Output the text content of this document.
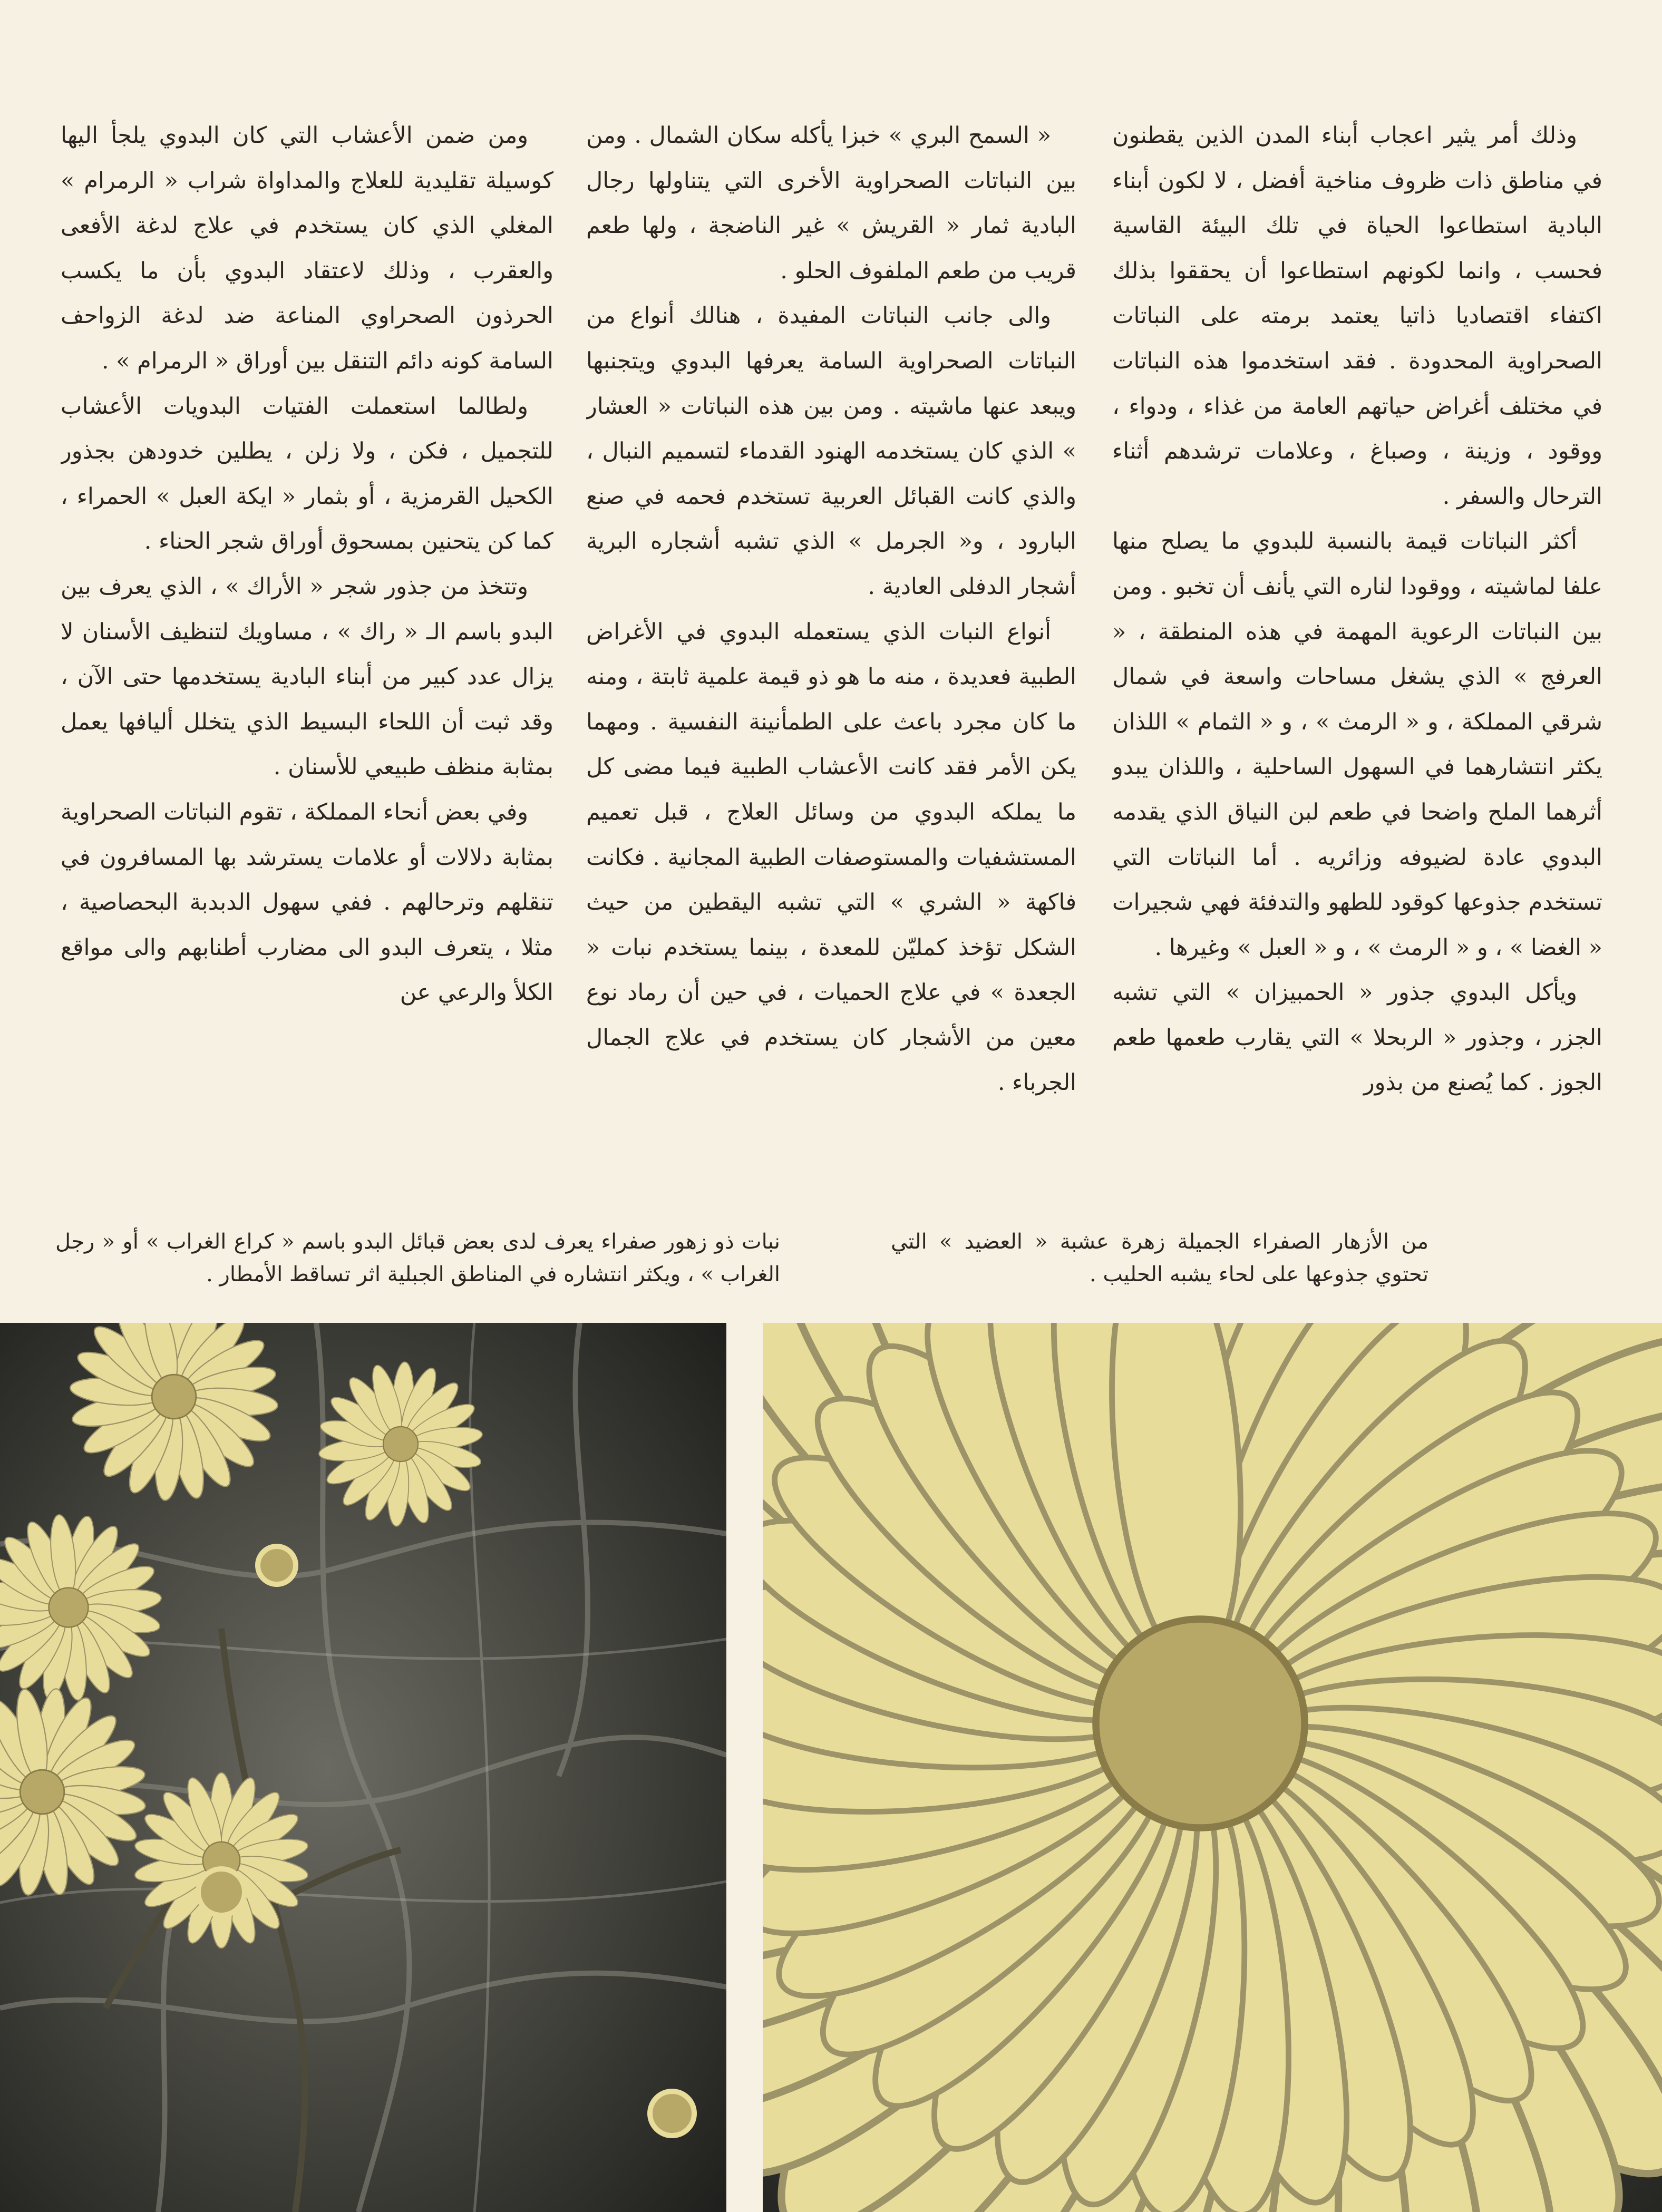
وذلك أمر يثير اعجاب أبناء المدن الذين يقطنون في مناطق ذات ظروف مناخية أفضل ، لا لكون أبناء البادية استطاعوا الحياة في تلك البيئة القاسية فحسب ، وانما لكونهم استطاعوا أن يحققوا بذلك اكتفاء اقتصاديا ذاتيا يعتمد برمته على النباتات الصحراوية المحدودة . فقد استخدموا هذه النباتات في مختلف أغراض حياتهم العامة من غذاء ، ودواء ، ووقود ، وزينة ، وصباغ ، وعلامات ترشدهم أثناء الترحال والسفر .

أكثر النباتات قيمة بالنسبة للبدوي ما يصلح منها علفا لماشيته ، ووقودا لناره التي يأنف أن تخبو . ومن بين النباتات الرعوية المهمة في هذه المنطقة ، « العرفج » الذي يشغل مساحات واسعة في شمال شرقي المملكة ، و « الرمث » ، و « الثمام » اللذان يكثر انتشارهما في السهول الساحلية ، واللذان يبدو أثرهما الملح واضحا في طعم لبن النياق الذي يقدمه البدوي عادة لضيوفه وزائريه . أما النباتات التي تستخدم جذوعها كوقود للطهو والتدفئة فهي شجيرات « الغضا » ، و « الرمث » ، و « العبل » وغيرها .

ويأكل البدوي جذور « الحمبيزان » التي تشبه الجزر ، وجذور « الربحلا » التي يقارب طعمها طعم الجوز . كما يُصنع من بذور

« السمح البري » خبزا يأكله سكان الشمال . ومن بين النباتات الصحراوية الأخرى التي يتناولها رجال البادية ثمار « القريش » غير الناضجة ، ولها طعم قريب من طعم الملفوف الحلو .

والى جانب النباتات المفيدة ، هنالك أنواع من النباتات الصحراوية السامة يعرفها البدوي ويتجنبها ويبعد عنها ماشيته . ومن بين هذه النباتات « العشار » الذي كان يستخدمه الهنود القدماء لتسميم النبال ، والذي كانت القبائل العربية تستخدم فحمه في صنع البارود ، و« الجرمل » الذي تشبه أشجاره البرية أشجار الدفلى العادية .

أنواع النبات الذي يستعمله البدوي في الأغراض الطبية فعديدة ، منه ما هو ذو قيمة علمية ثابتة ، ومنه ما كان مجرد باعث على الطمأنينة النفسية . ومهما يكن الأمر فقد كانت الأعشاب الطبية فيما مضى كل ما يملكه البدوي من وسائل العلاج ، قبل تعميم المستشفيات والمستوصفات الطبية المجانية . فكانت فاكهة « الشري » التي تشبه اليقطين من حيث الشكل تؤخذ كمليّن للمعدة ، بينما يستخدم نبات « الجعدة » في علاج الحميات ، في حين أن رماد نوع معين من الأشجار كان يستخدم في علاج الجمال الجرباء .

ومن ضمن الأعشاب التي كان البدوي يلجأ اليها كوسيلة تقليدية للعلاج والمداواة شراب « الرمرام » المغلي الذي كان يستخدم في علاج لدغة الأفعى والعقرب ، وذلك لاعتقاد البدوي بأن ما يكسب الحرذون الصحراوي المناعة ضد لدغة الزواحف السامة كونه دائم التنقل بين أوراق « الرمرام » .

ولطالما استعملت الفتيات البدويات الأعشاب للتجميل ، فكن ، ولا زلن ، يطلين خدودهن بجذور الكحيل القرمزية ، أو بثمار « ايكة العبل » الحمراء ، كما كن يتحنين بمسحوق أوراق شجر الحناء .

وتتخذ من جذور شجر « الأراك » ، الذي يعرف بين البدو باسم الـ « راك » ، مساويك لتنظيف الأسنان لا يزال عدد كبير من أبناء البادية يستخدمها حتى الآن ، وقد ثبت أن اللحاء البسيط الذي يتخلل أليافها يعمل بمثابة منظف طبيعي للأسنان .

وفي بعض أنحاء المملكة ، تقوم النباتات الصحراوية بمثابة دلالات أو علامات يسترشد بها المسافرون في تنقلهم وترحالهم . ففي سهول الدبدبة البحصاصية ، مثلا ، يتعرف البدو الى مضارب أطنابهم والى مواقع الكلأ والرعي عن

من الأزهار الصفراء الجميلة زهرة عشبة « العضيد » التي تحتوي جذوعها على لحاء يشبه الحليب .
نبات ذو زهور صفراء يعرف لدى بعض قبائل البدو باسم « كراع الغراب » أو « رجل الغراب » ، ويكثر انتشاره في المناطق الجبلية اثر تساقط الأمطار .
